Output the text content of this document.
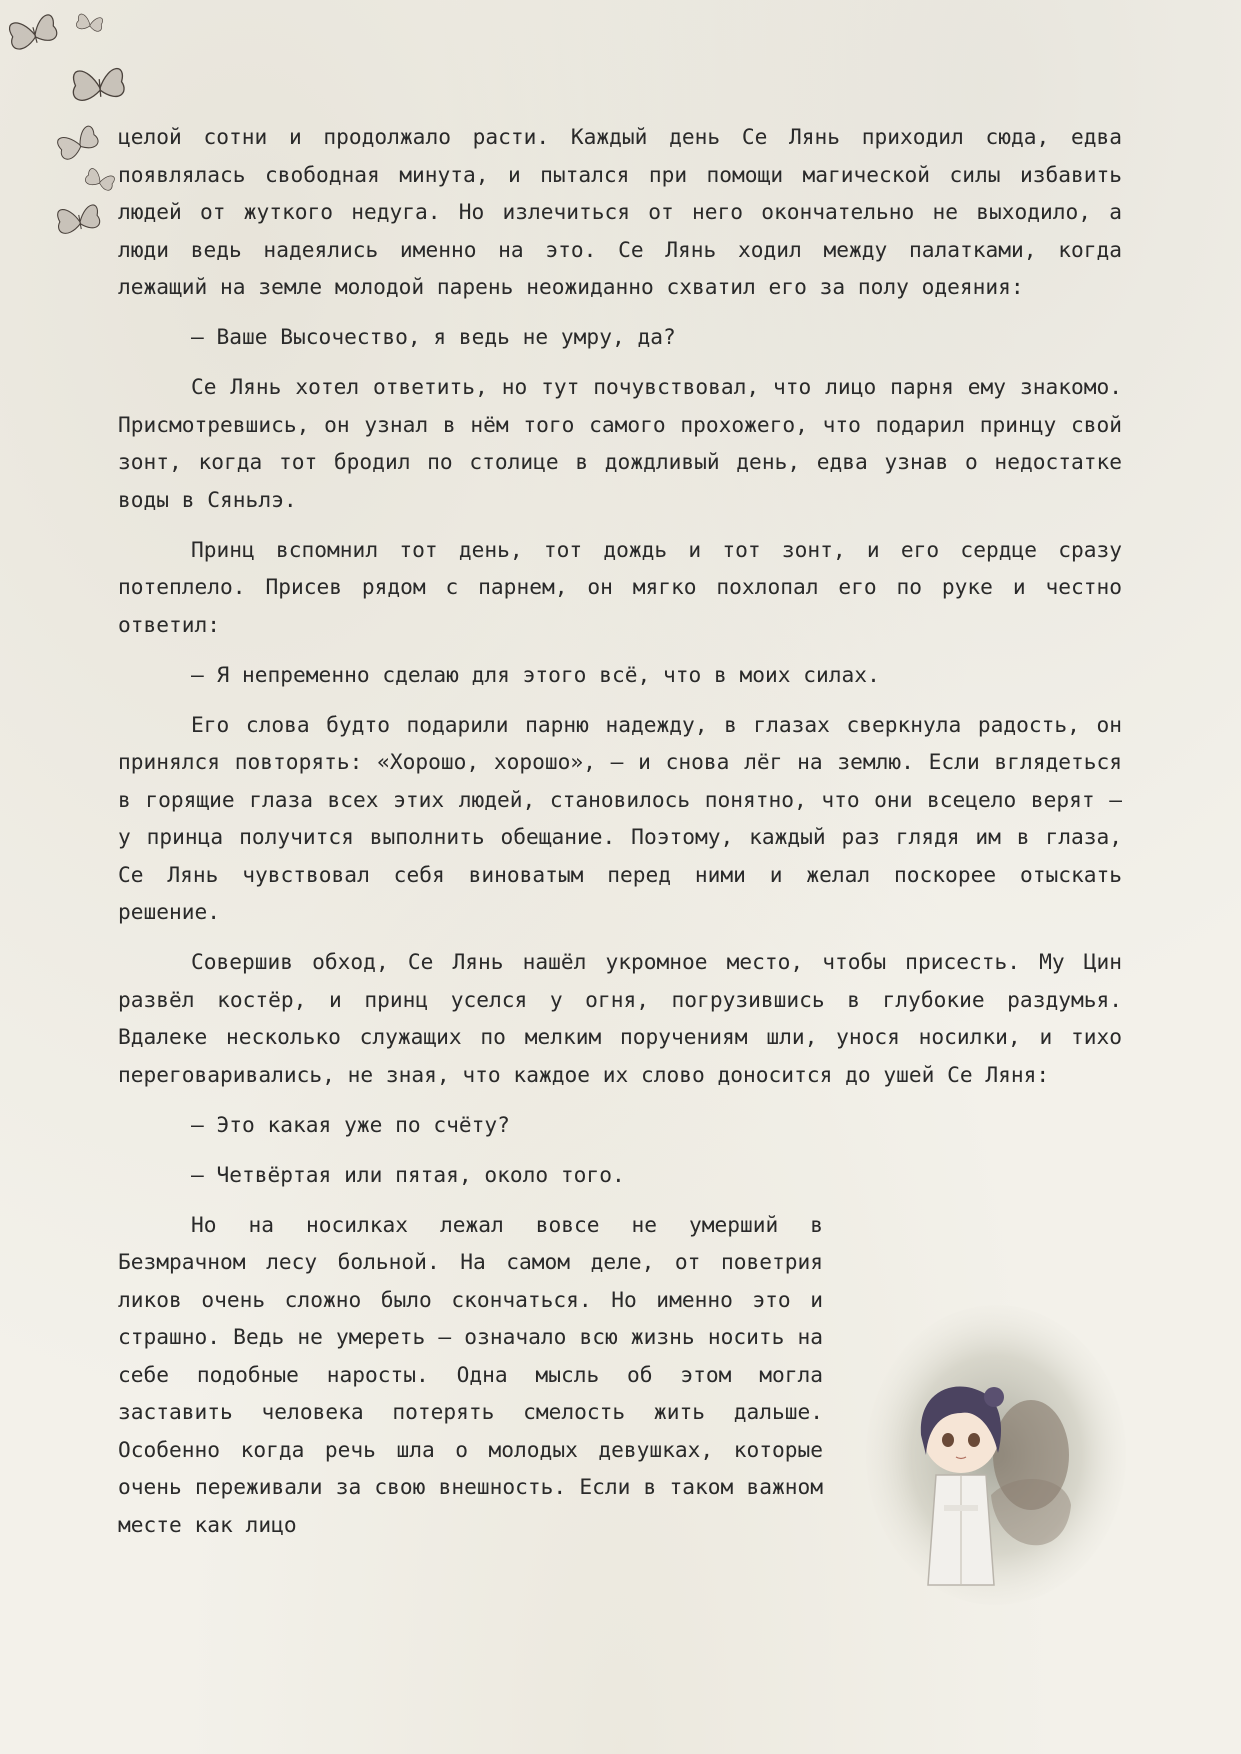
целой сотни и продолжало расти. Каждый день Се Лянь приходил сюда, едва появлялась свободная минута, и пытался при помощи магической силы избавить людей от жуткого недуга. Но излечиться от него окончательно не выходило, а люди ведь надеялись именно на это. Се Лянь ходил между палатками, когда лежащий на земле молодой парень неожиданно схватил его за полу одеяния:

— Ваше Высочество, я ведь не умру, да?

Се Лянь хотел ответить, но тут почувствовал, что лицо парня ему знакомо. Присмотревшись, он узнал в нём того самого прохожего, что подарил принцу свой зонт, когда тот бродил по столице в дождливый день, едва узнав о недостатке воды в Сяньлэ.

Принц вспомнил тот день, тот дождь и тот зонт, и его сердце сразу потеплело. Присев рядом с парнем, он мягко похлопал его по руке и честно ответил:

— Я непременно сделаю для этого всё, что в моих силах.

Его слова будто подарили парню надежду, в глазах сверкнула радость, он принялся повторять: «Хорошо, хорошо», — и снова лёг на землю. Если вглядеться в горящие глаза всех этих людей, становилось понятно, что они всецело верят — у принца получится выполнить обещание. Поэтому, каждый раз глядя им в глаза, Се Лянь чувствовал себя виноватым перед ними и желал поскорее отыскать решение.

Совершив обход, Се Лянь нашёл укромное место, чтобы присесть. Му Цин развёл костёр, и принц уселся у огня, погрузившись в глубокие раздумья. Вдалеке несколько служащих по мелким поручениям шли, унося носилки, и тихо переговаривались, не зная, что каждое их слово доносится до ушей Се Ляня:

— Это какая уже по счёту?

— Четвёртая или пятая, около того.

Но на носилках лежал вовсе не умерший в Безмрачном лесу больной. На самом деле, от поветрия ликов очень сложно было скончаться. Но именно это и страшно. Ведь не умереть — означало всю жизнь носить на себе подобные наросты. Одна мысль об этом могла заставить человека потерять смелость жить дальше. Особенно когда речь шла о молодых девушках, которые очень переживали за свою внешность. Если в таком важном месте как лицо
